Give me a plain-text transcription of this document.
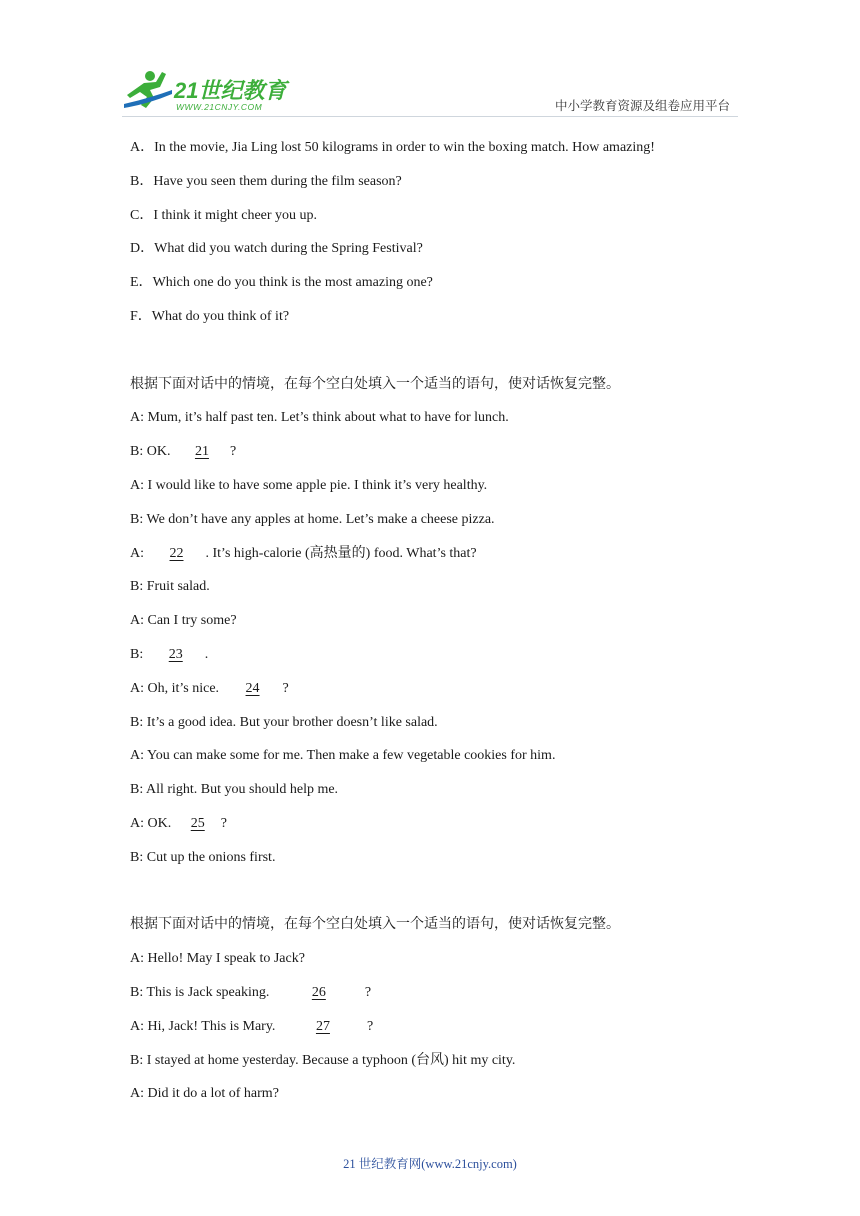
21世纪教育
WWW.21CNJY.COM	中小学教育资源及组卷应用平台
A．In the movie, Jia Ling lost 50 kilograms in order to win the boxing match. How amazing!
B．Have you seen them during the film season?
C．I think it might cheer you up.
D．What did you watch during the Spring Festival?
E．Which one do you think is the most amazing one?
F．What do you think of it?
根据下面对话中的情境，在每个空白处填入一个适当的语句，使对话恢复完整。
A: Mum, it’s half past ten. Let’s think about what to have for lunch.
B: OK. 21 ?
A: I would like to have some apple pie. I think it’s very healthy.
B: We don’t have any apples at home. Let’s make a cheese pizza.
A: 22 . It’s high-calorie (高热量的) food. What’s that?
B: Fruit salad.
A: Can I try some?
B: 23 .
A: Oh, it’s nice. 24 ?
B: It’s a good idea. But your brother doesn’t like salad.
A: You can make some for me. Then make a few vegetable cookies for him.
B: All right. But you should help me.
A: OK. 25 ?
B: Cut up the onions first.
根据下面对话中的情境，在每个空白处填入一个适当的语句，使对话恢复完整。
A: Hello! May I speak to Jack?
B: This is Jack speaking.	26	?
A: Hi, Jack! This is Mary.	27	?
B: I stayed at home yesterday. Because a typhoon (台风) hit my city.
A: Did it do a lot of harm?
21 世纪教育网(www.21cnjy.com)
